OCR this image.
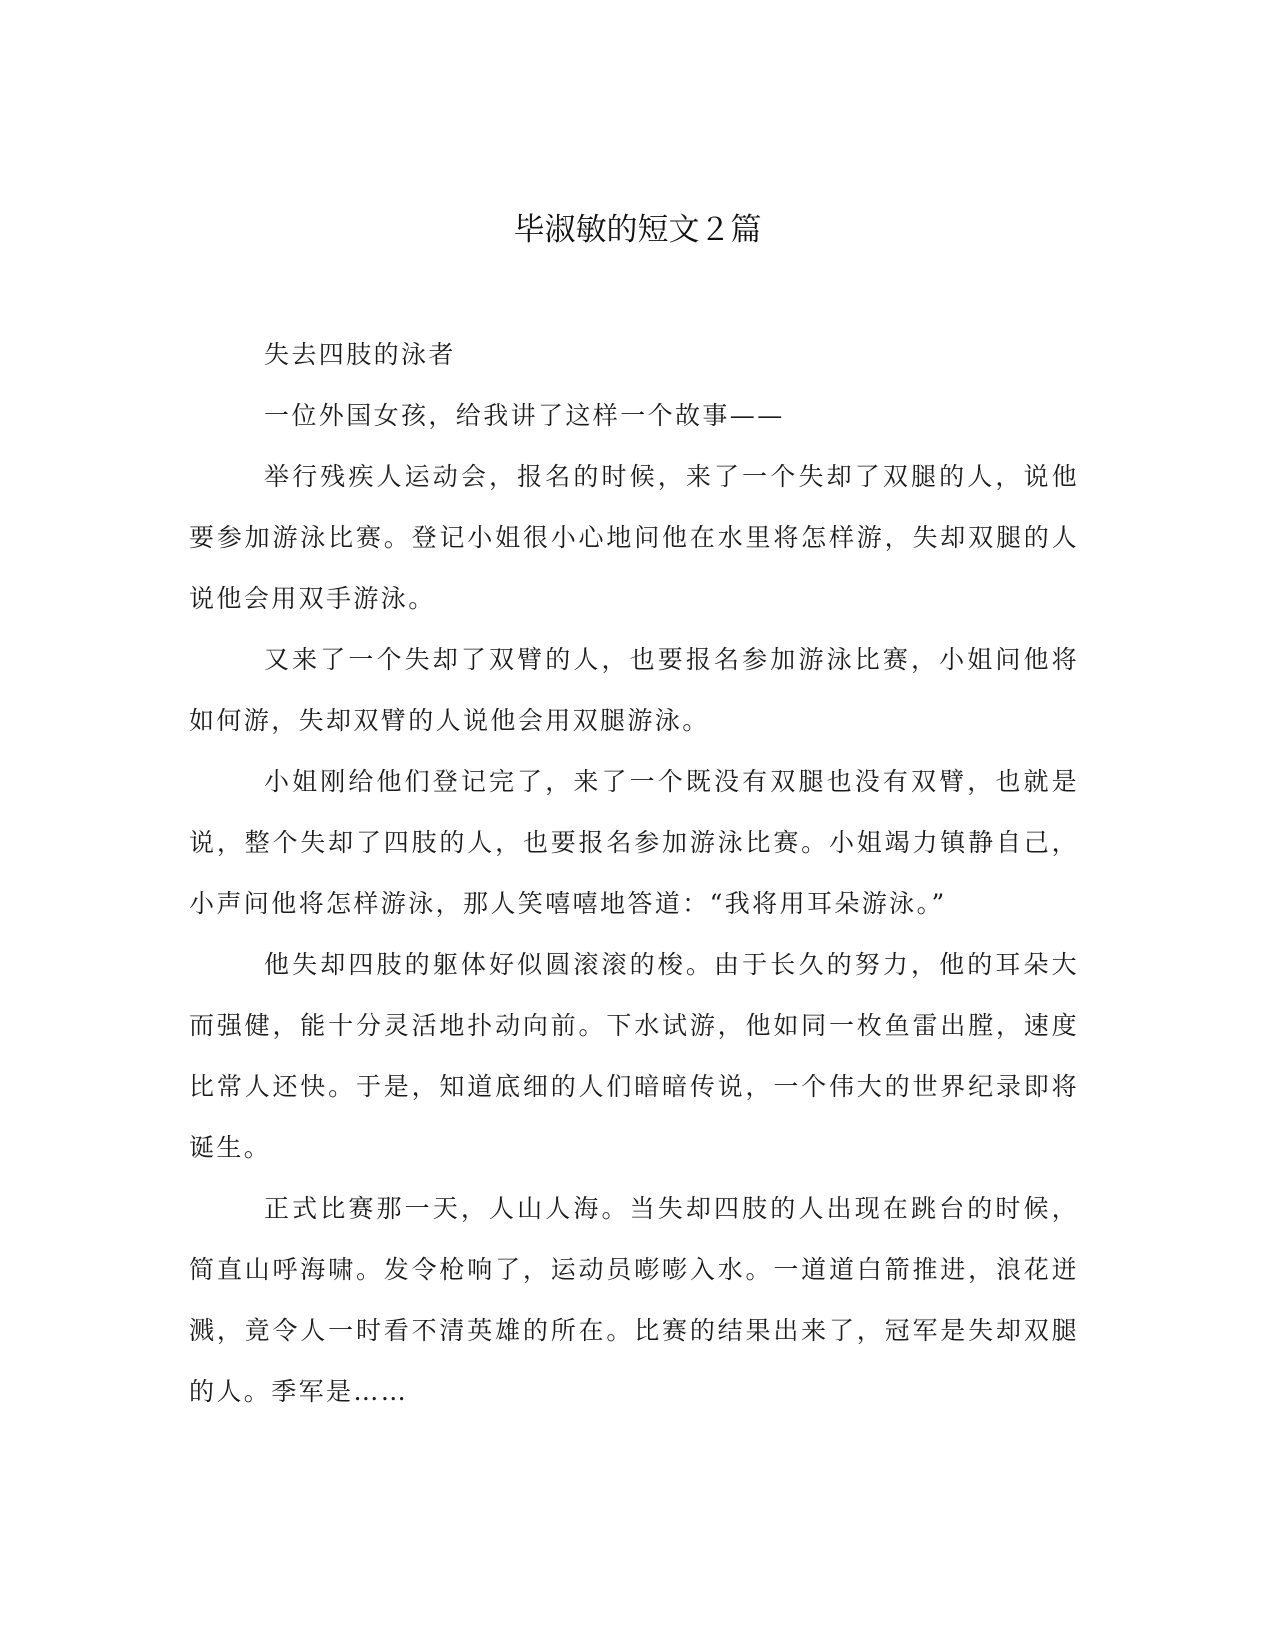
毕淑敏的短文２篇

失去四肢的泳者

一位外国女孩，给我讲了这样一个故事——

举行残疾人运动会，报名的时候，来了一个失却了双腿的人，说他要参加游泳比赛。登记小姐很小心地问他在水里将怎样游，失却双腿的人说他会用双手游泳。

又来了一个失却了双臂的人，也要报名参加游泳比赛，小姐问他将如何游，失却双臂的人说他会用双腿游泳。

小姐刚给他们登记完了，来了一个既没有双腿也没有双臂，也就是说，整个失却了四肢的人，也要报名参加游泳比赛。小姐竭力镇静自己，小声问他将怎样游泳，那人笑嘻嘻地答道：“我将用耳朵游泳。”

他失却四肢的躯体好似圆滚滚的梭。由于长久的努力，他的耳朵大而强健，能十分灵活地扑动向前。下水试游，他如同一枚鱼雷出膛，速度比常人还快。于是，知道底细的人们暗暗传说，一个伟大的世界纪录即将诞生。

正式比赛那一天，人山人海。当失却四肢的人出现在跳台的时候，简直山呼海啸。发令枪响了，运动员嘭嘭入水。一道道白箭推进，浪花迸溅，竟令人一时看不清英雄的所在。比赛的结果出来了，冠军是失却双腿的人。季军是……
